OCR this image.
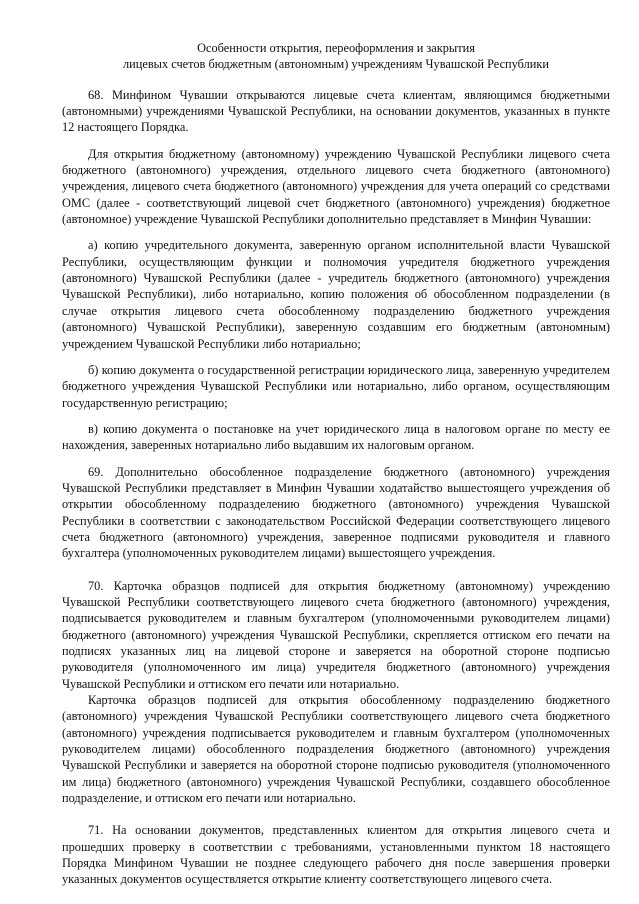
Особенности открытия, переоформления и закрытия
лицевых счетов бюджетным (автономным) учреждениям Чувашской Республики

68. Минфином Чувашии открываются лицевые счета клиентам, являющимся бюджетными (автономными) учреждениями Чувашской Республики, на основании документов, указанных в пункте 12 настоящего Порядка.

Для открытия бюджетному (автономному) учреждению Чувашской Республики лицевого счета бюджетного (автономного) учреждения, отдельного лицевого счета бюджетного (автономного) учреждения, лицевого счета бюджетного (автономного) учреждения для учета операций со средствами ОМС (далее - соответствующий лицевой счет бюджетного (автономного) учреждения) бюджетное (автономное) учреждение Чувашской Республики дополнительно представляет в Минфин Чувашии:

а) копию учредительного документа, заверенную органом исполнительной власти Чувашской Республики, осуществляющим функции и полномочия учредителя бюджетного учреждения (автономного) Чувашской Республики (далее - учредитель бюджетного (автономного) учреждения Чувашской Республики), либо нотариально, копию положения об обособленном подразделении (в случае открытия лицевого счета обособленному подразделению бюджетного учреждения (автономного) Чувашской Республики), заверенную создавшим его бюджетным (автономным) учреждением Чувашской Республики либо нотариально;

б) копию документа о государственной регистрации юридического лица, заверенную учредителем бюджетного учреждения Чувашской Республики или нотариально, либо органом, осуществляющим государственную регистрацию;

в) копию документа о постановке на учет юридического лица в налоговом органе по месту ее нахождения, заверенных нотариально либо выдавшим их налоговым органом.

69. Дополнительно обособленное подразделение бюджетного (автономного) учреждения Чувашской Республики представляет в Минфин Чувашии ходатайство вышестоящего учреждения об открытии обособленному подразделению бюджетного (автономного) учреждения Чувашской Республики в соответствии с законодательством Российской Федерации соответствующего лицевого счета бюджетного (автономного) учреждения, заверенное подписями руководителя и главного бухгалтера (уполномоченных руководителем лицами) вышестоящего учреждения.

70. Карточка образцов подписей для открытия бюджетному (автономному) учреждению Чувашской Республики соответствующего лицевого счета бюджетного (автономного) учреждения, подписывается руководителем и главным бухгалтером (уполномоченными руководителем лицами) бюджетного (автономного) учреждения Чувашской Республики, скрепляется оттиском его печати на подписях указанных лиц на лицевой стороне и заверяется на оборотной стороне подписью руководителя (уполномоченного им лица) учредителя бюджетного (автономного) учреждения Чувашской Республики и оттиском его печати или нотариально.

Карточка образцов подписей для открытия обособленному подразделению бюджетного (автономного) учреждения Чувашской Республики соответствующего лицевого счета бюджетного (автономного) учреждения подписывается руководителем и главным бухгалтером (уполномоченных руководителем лицами) обособленного подразделения бюджетного (автономного) учреждения Чувашской Республики и заверяется на оборотной стороне подписью руководителя (уполномоченного им лица) бюджетного (автономного) учреждения Чувашской Республики, создавшего обособленное подразделение, и оттиском его печати или нотариально.

71. На основании документов, представленных клиентом для открытия лицевого счета и прошедших проверку в соответствии с требованиями, установленными пунктом 18 настоящего Порядка Минфином Чувашии не позднее следующего рабочего дня после завершения проверки указанных документов осуществляется открытие клиенту соответствующего лицевого счета.
